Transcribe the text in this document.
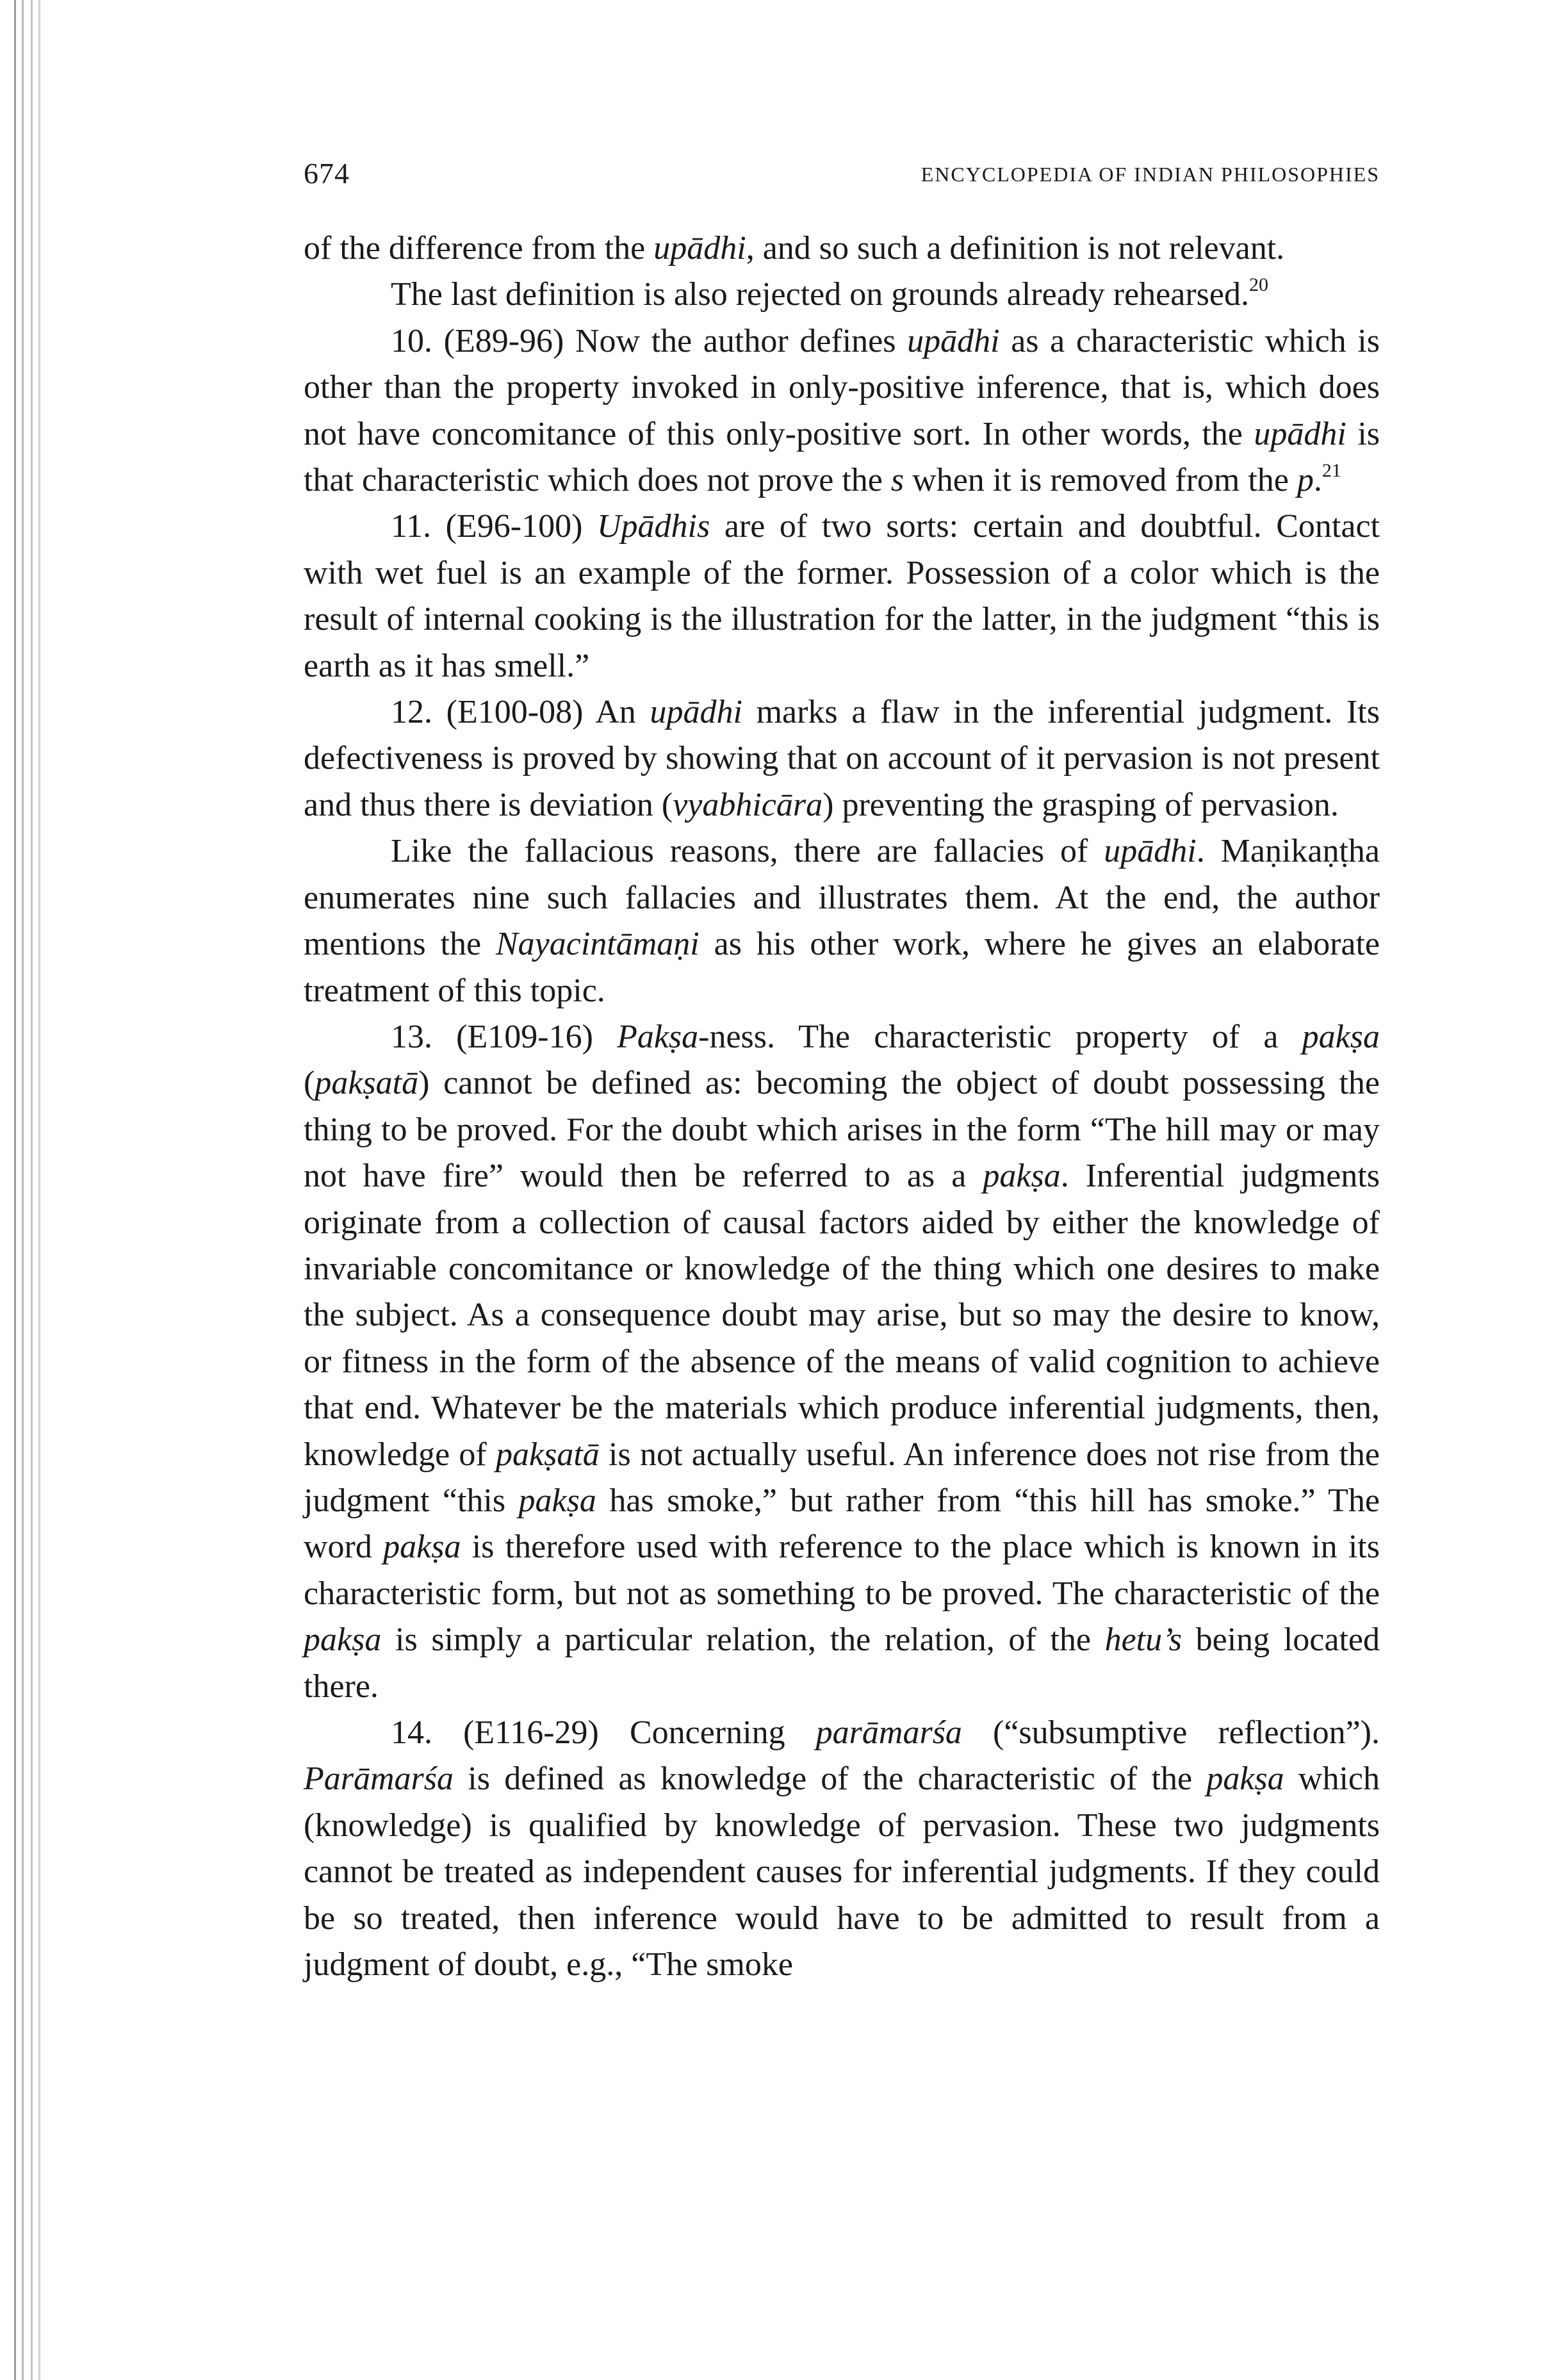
674	ENCYCLOPEDIA OF INDIAN PHILOSOPHIES

of the difference from the upādhi, and so such a definition is not relevant.

The last definition is also rejected on grounds already rehearsed.$^{20}$

10. (E89-96) Now the author defines upādhi as a characteristic which is other than the property invoked in only-positive inference, that is, which does not have concomitance of this only-positive sort. In other words, the upādhi is that characteristic which does not prove the s when it is removed from the p.$^{21}$

11. (E96-100) Upādhis are of two sorts: certain and doubtful. Contact with wet fuel is an example of the former. Possession of a color which is the result of internal cooking is the illustration for the latter, in the judgment “this is earth as it has smell.”

12. (E100-08) An upādhi marks a flaw in the inferential judgment. Its defectiveness is proved by showing that on account of it pervasion is not present and thus there is deviation (vyabhicāra) preventing the grasping of pervasion.

Like the fallacious reasons, there are fallacies of upādhi. Maṇikaṇṭha enumerates nine such fallacies and illustrates them. At the end, the author mentions the Nayacintāmaṇi as his other work, where he gives an elaborate treatment of this topic.

13. (E109-16) Pakṣa-ness. The characteristic property of a pakṣa (pakṣatā) cannot be defined as: becoming the object of doubt possessing the thing to be proved. For the doubt which arises in the form “The hill may or may not have fire” would then be referred to as a pakṣa. Inferential judgments originate from a collection of causal factors aided by either the knowledge of invariable concomitance or knowledge of the thing which one desires to make the subject. As a consequence doubt may arise, but so may the desire to know, or fitness in the form of the absence of the means of valid cognition to achieve that end. Whatever be the materials which produce inferential judgments, then, knowledge of pakṣatā is not actually useful. An inference does not rise from the judgment “this pakṣa has smoke,” but rather from “this hill has smoke.” The word pakṣa is therefore used with reference to the place which is known in its characteristic form, but not as something to be proved. The characteristic of the pakṣa is simply a particular relation, the relation, of the hetu’s being located there.

14. (E116-29) Concerning parāmarśa (“subsumptive reflection”). Parāmarśa is defined as knowledge of the characteristic of the pakṣa which (knowledge) is qualified by knowledge of pervasion. These two judgments cannot be treated as independent causes for inferential judgments. If they could be so treated, then inference would have to be admitted to result from a judgment of doubt, e.g., “The smoke
